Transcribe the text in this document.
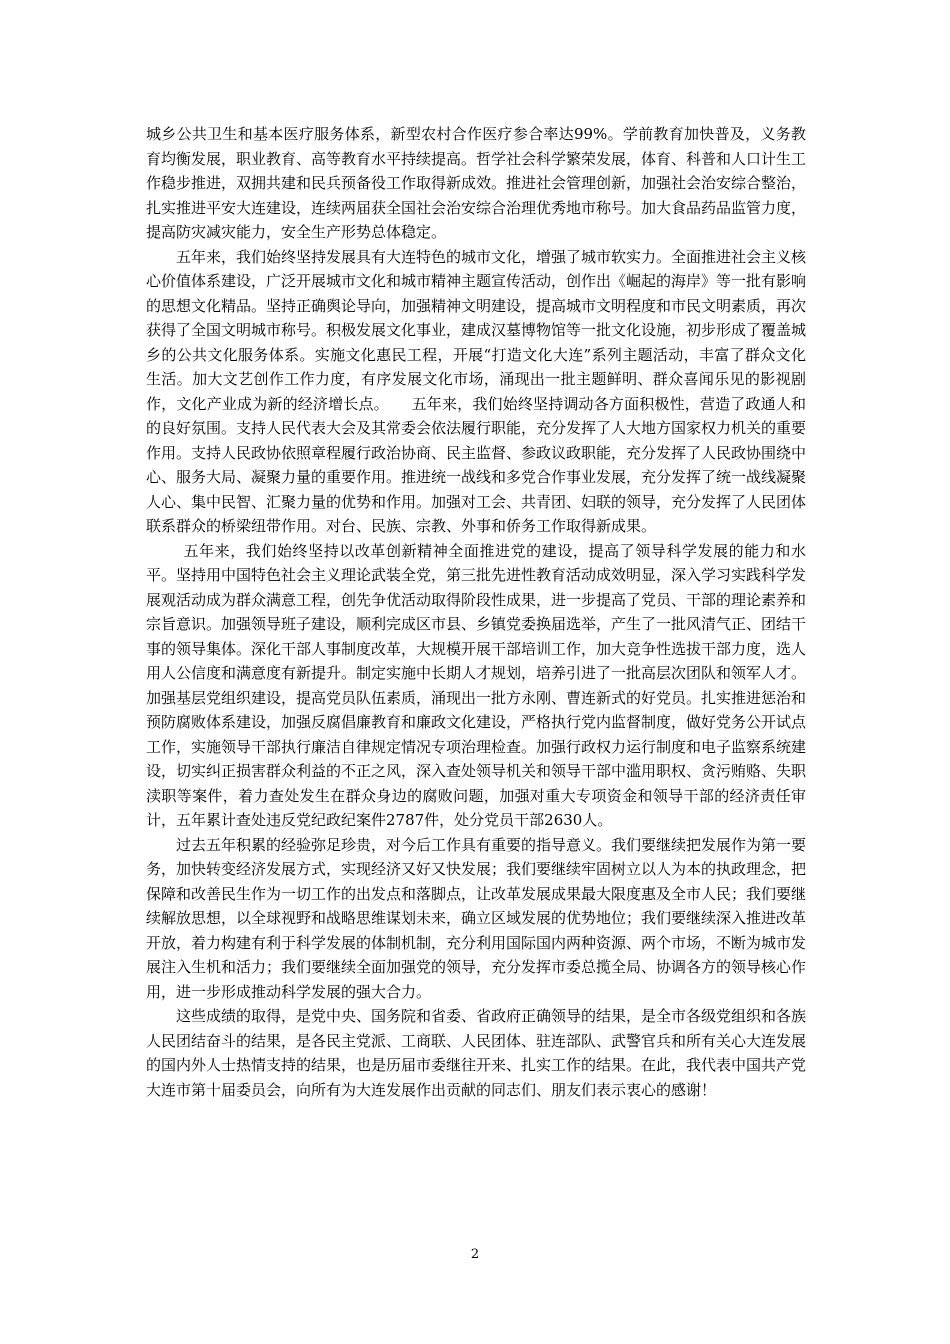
城乡公共卫生和基本医疗服务体系，新型农村合作医疗参合率达99%。学前教育加快普及，义务教育均衡发展，职业教育、高等教育水平持续提高。哲学社会科学繁荣发展，体育、科普和人口计生工作稳步推进，双拥共建和民兵预备役工作取得新成效。推进社会管理创新，加强社会治安综合整治，扎实推进平安大连建设，连续两届获全国社会治安综合治理优秀地市称号。加大食品药品监管力度，提高防灾减灾能力，安全生产形势总体稳定。

五年来，我们始终坚持发展具有大连特色的城市文化，增强了城市软实力。全面推进社会主义核心价值体系建设，广泛开展城市文化和城市精神主题宣传活动，创作出《崛起的海岸》等一批有影响的思想文化精品。坚持正确舆论导向，加强精神文明建设，提高城市文明程度和市民文明素质，再次获得了全国文明城市称号。积极发展文化事业，建成汉墓博物馆等一批文化设施，初步形成了覆盖城乡的公共文化服务体系。实施文化惠民工程，开展“打造文化大连”系列主题活动，丰富了群众文化生活。加大文艺创作工作力度，有序发展文化市场，涌现出一批主题鲜明、群众喜闻乐见的影视剧作，文化产业成为新的经济增长点。　　五年来，我们始终坚持调动各方面积极性，营造了政通人和的良好氛围。支持人民代表大会及其常委会依法履行职能，充分发挥了人大地方国家权力机关的重要作用。支持人民政协依照章程履行政治协商、民主监督、参政议政职能，充分发挥了人民政协围绕中心、服务大局、凝聚力量的重要作用。推进统一战线和多党合作事业发展，充分发挥了统一战线凝聚人心、集中民智、汇聚力量的优势和作用。加强对工会、共青团、妇联的领导，充分发挥了人民团体联系群众的桥梁纽带作用。对台、民族、宗教、外事和侨务工作取得新成果。

五年来，我们始终坚持以改革创新精神全面推进党的建设，提高了领导科学发展的能力和水平。坚持用中国特色社会主义理论武装全党，第三批先进性教育活动成效明显，深入学习实践科学发展观活动成为群众满意工程，创先争优活动取得阶段性成果，进一步提高了党员、干部的理论素养和宗旨意识。加强领导班子建设，顺利完成区市县、乡镇党委换届选举，产生了一批风清气正、团结干事的领导集体。深化干部人事制度改革，大规模开展干部培训工作，加大竞争性选拔干部力度，选人用人公信度和满意度有新提升。制定实施中长期人才规划，培养引进了一批高层次团队和领军人才。加强基层党组织建设，提高党员队伍素质，涌现出一批方永刚、曹连新式的好党员。扎实推进惩治和预防腐败体系建设，加强反腐倡廉教育和廉政文化建设，严格执行党内监督制度，做好党务公开试点工作，实施领导干部执行廉洁自律规定情况专项治理检查。加强行政权力运行制度和电子监察系统建设，切实纠正损害群众利益的不正之风，深入查处领导机关和领导干部中滥用职权、贪污贿赂、失职渎职等案件，着力查处发生在群众身边的腐败问题，加强对重大专项资金和领导干部的经济责任审计，五年累计查处违反党纪政纪案件2787件，处分党员干部2630人。

过去五年积累的经验弥足珍贵，对今后工作具有重要的指导意义。我们要继续把发展作为第一要务，加快转变经济发展方式，实现经济又好又快发展；我们要继续牢固树立以人为本的执政理念，把保障和改善民生作为一切工作的出发点和落脚点，让改革发展成果最大限度惠及全市人民；我们要继续解放思想，以全球视野和战略思维谋划未来，确立区域发展的优势地位；我们要继续深入推进改革开放，着力构建有利于科学发展的体制机制，充分利用国际国内两种资源、两个市场，不断为城市发展注入生机和活力；我们要继续全面加强党的领导，充分发挥市委总揽全局、协调各方的领导核心作用，进一步形成推动科学发展的强大合力。

这些成绩的取得，是党中央、国务院和省委、省政府正确领导的结果，是全市各级党组织和各族人民团结奋斗的结果，是各民主党派、工商联、人民团体、驻连部队、武警官兵和所有关心大连发展的国内外人士热情支持的结果，也是历届市委继往开来、扎实工作的结果。在此，我代表中国共产党大连市第十届委员会，向所有为大连发展作出贡献的同志们、朋友们表示衷心的感谢！

2
